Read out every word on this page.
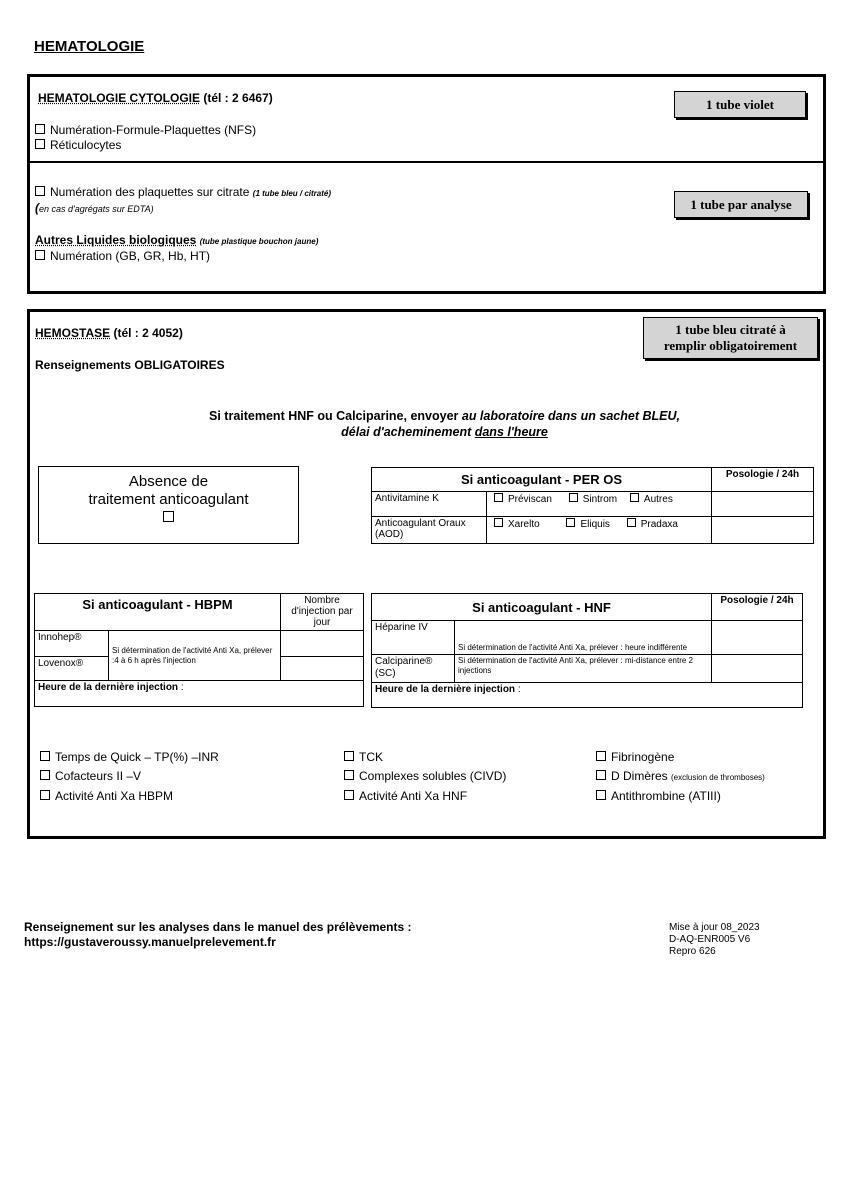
HEMATOLOGIE
HEMATOLOGIE CYTOLOGIE (tél : 2 6467)	1 tube violet
Numération-Formule-Plaquettes (NFS)
Réticulocytes
Numération des plaquettes sur citrate (1 tube bleu / citraté)
(en cas d'agrégats sur EDTA)	1 tube par analyse
Autres Liquides biologiques (tube plastique bouchon jaune)
Numération (GB, GR, Hb, HT)
HEMOSTASE (tél : 2 4052)	1 tube bleu citraté à
remplir obligatoirement
Renseignements OBLIGATOIRES
Si traitement HNF ou Calciparine, envoyer au laboratoire dans un sachet BLEU,
délai d'acheminement dans l'heure
Absence de
traitement anticoagulant
Si anticoagulant - PER OS		Posologie / 24h
Antivitamine K	Préviscan Sintrom Autres	
Anticoagulant Oraux (AOD)	Xarelto Eliquis Pradaxa	
Si anticoagulant - HBPM		Nombre d'injection par jour
Innohep®	Si détermination de l'activité Anti Xa, prélever :4 à 6 h après l'injection	
Lovenox®		
Heure de la dernière injection :		
Si anticoagulant - HNF		Posologie / 24h
Héparine IV	Si détermination de l'activité Anti Xa, prélever : heure indifférente	
Calciparine® (SC)	Si détermination de l'activité Anti Xa, prélever : mi-distance entre 2 injections	
Heure de la dernière injection :		
Temps de Quick – TP(%) –INR
Cofacteurs II –V
Activité Anti Xa HBPM
TCK
Complexes solubles (CIVD)
Activité Anti Xa HNF
Fibrinogène
D Dimères (exclusion de thromboses)
Antithrombine (ATIII)
Renseignement sur les analyses dans le manuel des prélèvements :
https://gustaveroussy.manuelprelevement.fr
Mise à jour 08_2023
D-AQ-ENR005 V6
Repro 626
